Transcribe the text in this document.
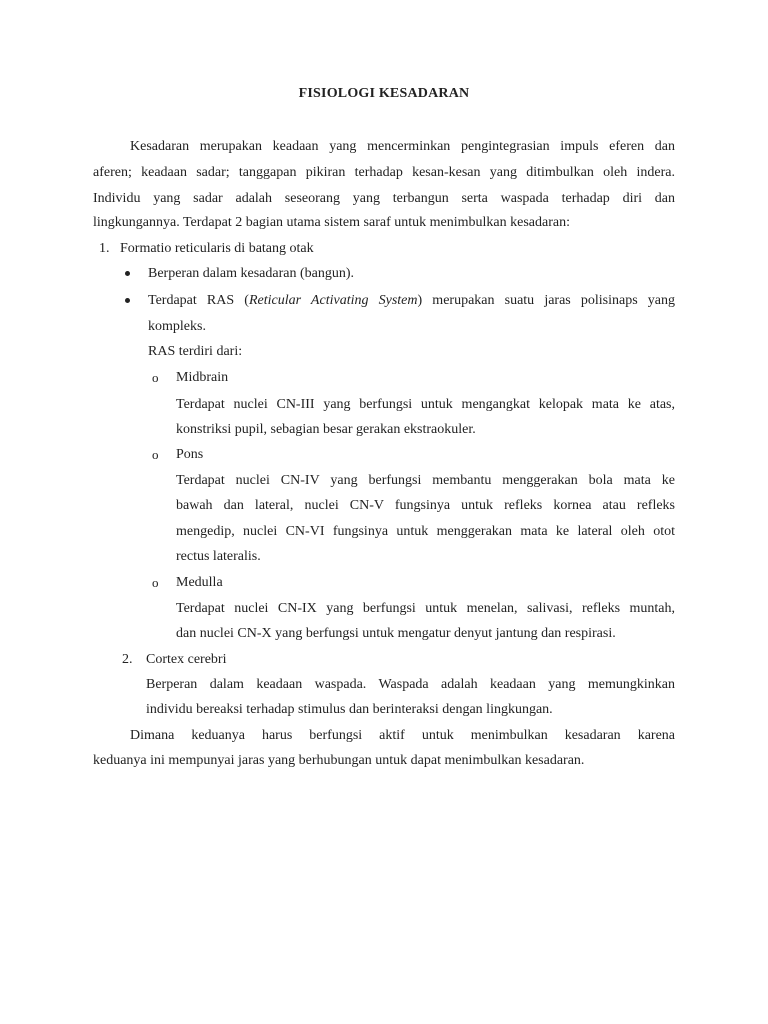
FISIOLOGI KESADARAN

Kesadaran merupakan keadaan yang mencerminkan pengintegrasian impuls eferen dan

aferen; keadaan sadar; tanggapan pikiran terhadap kesan-kesan yang ditimbulkan oleh indera.

Individu yang sadar adalah seseorang yang terbangun serta waspada terhadap diri dan

lingkungannya. Terdapat 2 bagian utama sistem saraf untuk menimbulkan kesadaran:

1. Formatio reticularis di batang otak

Berperan dalam kesadaran (bangun).

Terdapat RAS (Reticular Activating System) merupakan suatu jaras polisinaps yang

kompleks.

RAS terdiri dari:

o Midbrain

Terdapat nuclei CN-III yang berfungsi untuk mengangkat kelopak mata ke atas,

konstriksi pupil, sebagian besar gerakan ekstraokuler.

o Pons

Terdapat nuclei CN-IV yang berfungsi membantu menggerakan bola mata ke

bawah dan lateral, nuclei CN-V fungsinya untuk refleks kornea atau refleks

mengedip, nuclei CN-VI fungsinya untuk menggerakan mata ke lateral oleh otot

rectus lateralis.

o Medulla

Terdapat nuclei CN-IX yang berfungsi untuk menelan, salivasi, refleks muntah,

dan nuclei CN-X yang berfungsi untuk mengatur denyut jantung dan respirasi.

2. Cortex cerebri

Berperan dalam keadaan waspada. Waspada adalah keadaan yang memungkinkan

individu bereaksi terhadap stimulus dan berinteraksi dengan lingkungan.

Dimana keduanya harus berfungsi aktif untuk menimbulkan kesadaran karena

keduanya ini mempunyai jaras yang berhubungan untuk dapat menimbulkan kesadaran.
